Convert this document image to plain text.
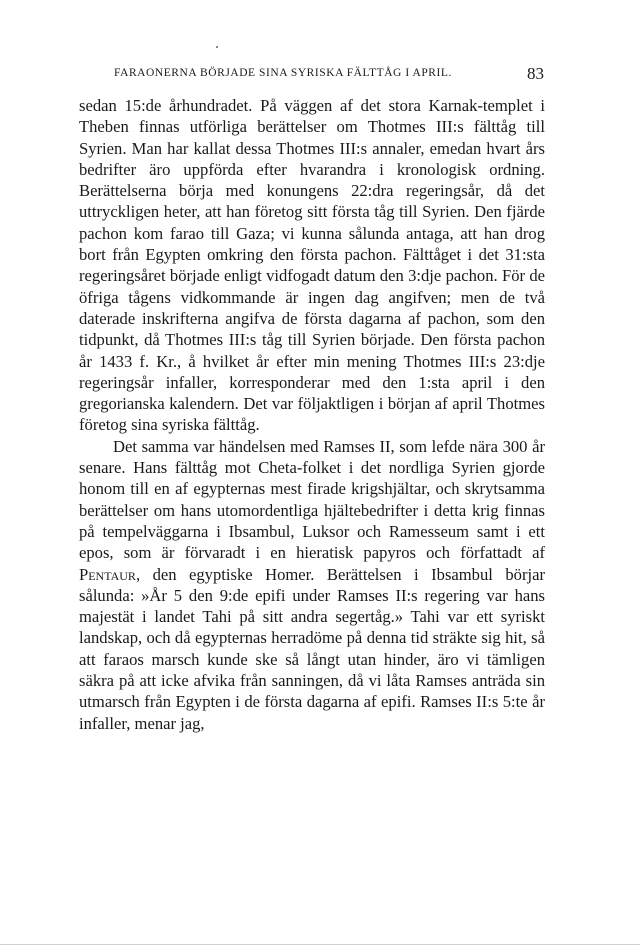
FARAONERNA BÖRJADE SINA SYRISKA FÄLTTÅG I APRIL.	83

sedan 15:de århundradet. På väggen af det stora Karnak-templet i Theben finnas utförliga berättelser om Thotmes III:s fälttåg till Syrien. Man har kallat dessa Thotmes III:s annaler, emedan hvart års bedrifter äro uppförda efter hvarandra i kronologisk ordning. Berättelserna börja med konungens 22:dra regeringsår, då det uttryckligen heter, att han företog sitt första tåg till Syrien. Den fjärde pachon kom farao till Gaza; vi kunna sålunda antaga, att han drog bort från Egypten omkring den första pachon. Fälttåget i det 31:sta regeringsåret började enligt vidfogadt datum den 3:dje pachon. För de öfriga tågens vidkommande är ingen dag angifven; men de två daterade inskrifterna angifva de första dagarna af pachon, som den tidpunkt, då Thotmes III:s tåg till Syrien började. Den första pachon år 1433 f. Kr., å hvilket år efter min mening Thotmes III:s 23:dje regeringsår infaller, korresponderar med den 1:sta april i den gregorianska kalendern. Det var följaktligen i början af april Thotmes företog sina syriska fälttåg.

Det samma var händelsen med Ramses II, som lefde nära 300 år senare. Hans fälttåg mot Cheta-folket i det nordliga Syrien gjorde honom till en af egypternas mest firade krigshjältar, och skrytsamma berättelser om hans utomordentliga hjältebedrifter i detta krig finnas på tempelväggarna i Ibsambul, Luksor och Ramesseum samt i ett epos, som är förvaradt i en hieratisk papyros och författadt af Pentaur, den egyptiske Homer. Berättelsen i Ibsambul börjar sålunda: »År 5 den 9:de epifi under Ramses II:s regering var hans majestät i landet Tahi på sitt andra segertåg.» Tahi var ett syriskt landskap, och då egypternas herradöme på denna tid sträkte sig hit, så att faraos marsch kunde ske så långt utan hinder, äro vi tämligen säkra på att icke afvika från sanningen, då vi låta Ramses anträda sin utmarsch från Egypten i de första dagarna af epifi. Ramses II:s 5:te år infaller, menar jag,
